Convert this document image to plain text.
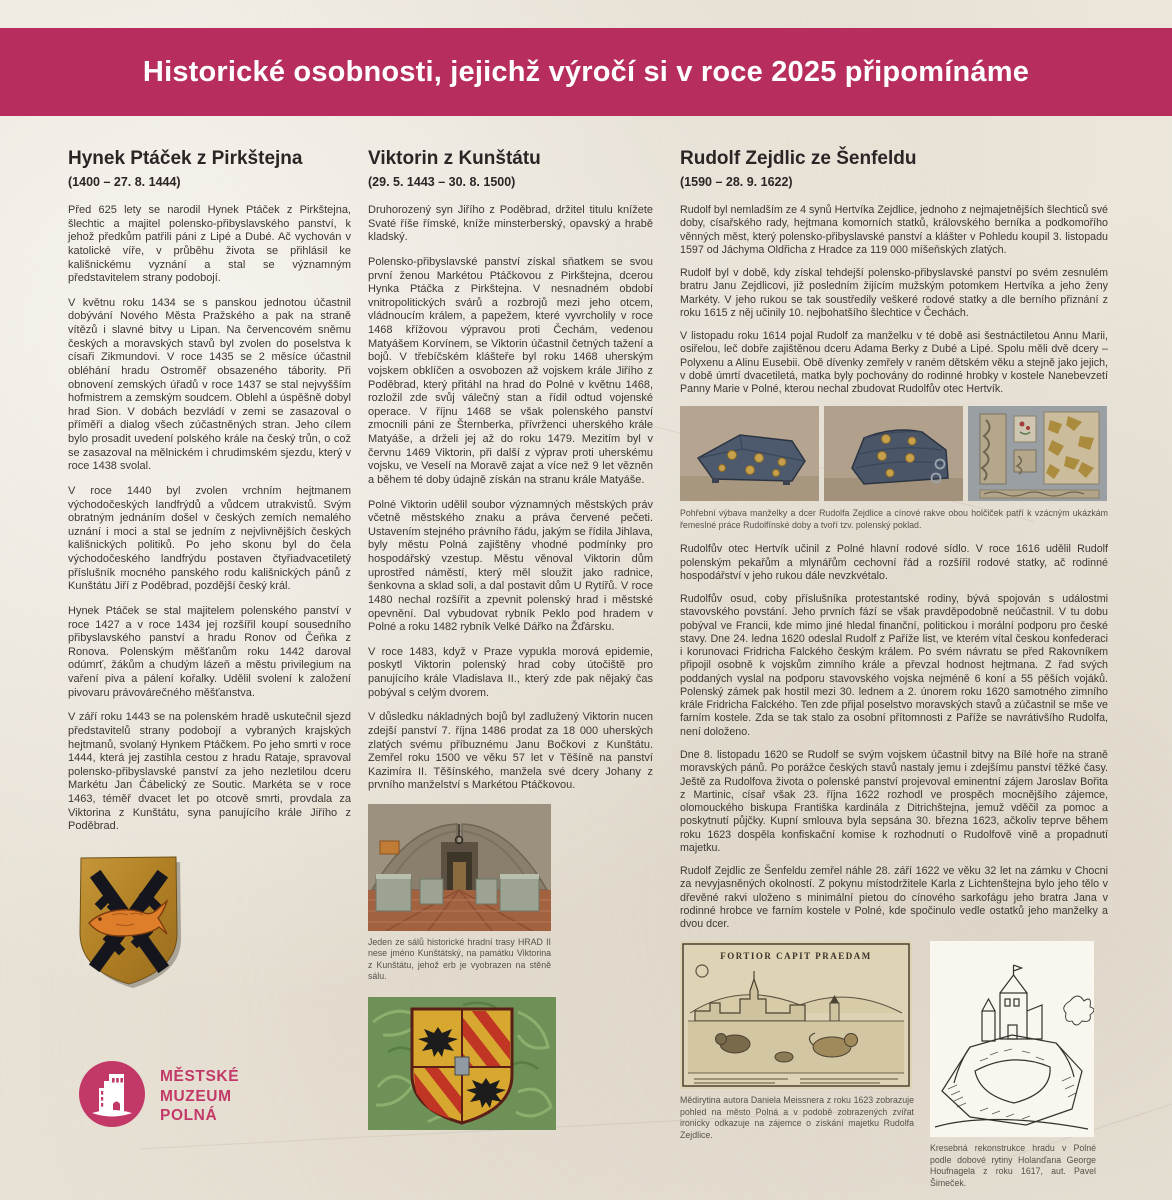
Historické osobnosti, jejichž výročí si v roce 2025 připomínáme
Hynek Ptáček z Pirkštejna
(1400 – 27. 8. 1444)

Před 625 lety se narodil Hynek Ptáček z Pirkštejna, šlechtic a majitel polensko-přibyslavského panství, k jehož předkům patřili páni z Lipé a Dubé. Ač vychován v katolické víře, v průběhu života se přihlásil ke kališnickému vyznání a stal se významným představitelem strany podobojí.

V květnu roku 1434 se s panskou jednotou účastnil dobývání Nového Města Pražského a pak na straně vítězů i slavné bitvy u Lipan. Na červencovém sněmu českých a moravských stavů byl zvolen do poselstva k císaři Zikmundovi. V roce 1435 se 2 měsíce účastnil obléhání hradu Ostroměř obsazeného tábority. Při obnovení zemských úřadů v roce 1437 se stal nejvyšším hofmistrem a zemským soudcem. Oblehl a úspěšně dobyl hrad Sion. V dobách bezvládí v zemi se zasazoval o příměří a dialog všech zúčastněných stran. Jeho cílem bylo prosadit uvedení polského krále na český trůn, o což se zasazoval na mělnickém i chrudimském sjezdu, který v roce 1438 svolal.

V roce 1440 byl zvolen vrchním hejtmanem východočeských landfrýdů a vůdcem utrakvistů. Svým obratným jednáním došel v českých zemích nemalého uznání i moci a stal se jedním z nejvlivnějších českých kališnických politiků. Po jeho skonu byl do čela východočeského landfrýdu postaven čtyřiadvacetiletý příslušník mocného panského rodu kališnických pánů z Kunštátu Jiří z Poděbrad, pozdější český král.

Hynek Ptáček se stal majitelem polenského panství v roce 1427 a v roce 1434 jej rozšířil koupí sousedního přibyslavského panství a hradu Ronov od Čeňka z Ronova. Polenským měšťanům roku 1442 daroval odúmrť, žákům a chudým lázeň a městu privilegium na vaření piva a pálení kořalky. Udělil svolení k založení pivovaru právovárečného měšťanstva.

V září roku 1443 se na polenském hradě uskutečnil sjezd představitelů strany podobojí a vybraných krajských hejtmanů, svolaný Hynkem Ptáčkem. Po jeho smrti v roce 1444, která jej zastihla cestou z hradu Rataje, spravoval polensko-přibyslavské panství za jeho nezletilou dceru Markétu Jan Čábelický ze Soutic. Markéta se v roce 1463, téměř dvacet let po otcově smrti, provdala za Viktorina z Kunštátu, syna panujícího krále Jiřího z Poděbrad.

Viktorin z Kunštátu
(29. 5. 1443 – 30. 8. 1500)

Druhorozený syn Jiřího z Poděbrad, držitel titulu knížete Svaté říše římské, kníže minsterberský, opavský a hrabě kladský.

Polensko-přibyslavské panství získal sňatkem se svou první ženou Markétou Ptáčkovou z Pirkštejna, dcerou Hynka Ptáčka z Pirkštejna. V nesnadném období vnitropolitických svárů a rozbrojů mezi jeho otcem, vládnoucím králem, a papežem, které vyvrcholily v roce 1468 křížovou výpravou proti Čechám, vedenou Matyášem Korvínem, se Viktorin účastnil četných tažení a bojů. V třebíčském klášteře byl roku 1468 uherským vojskem obklíčen a osvobozen až vojskem krále Jiřího z Poděbrad, který přitáhl na hrad do Polné v květnu 1468, rozložil zde svůj válečný stan a řídil odtud vojenské operace. V říjnu 1468 se však polenského panství zmocnili páni ze Šternberka, přívrženci uherského krále Matyáše, a drželi jej až do roku 1479. Mezitím byl v červnu 1469 Viktorin, při další z výprav proti uherskému vojsku, ve Veselí na Moravě zajat a více než 9 let vězněn a během té doby údajně získán na stranu krále Matyáše.

Polné Viktorin udělil soubor významných městských práv včetně městského znaku a práva červené pečeti. Ustavením stejného právního řádu, jakým se řídila Jihlava, byly městu Polná zajištěny vhodné podmínky pro hospodářský vzestup. Městu věnoval Viktorin dům uprostřed náměstí, který měl sloužit jako radnice, šenkovna a sklad soli, a dal postavit dům U Rytířů. V roce 1480 nechal rozšířit a zpevnit polenský hrad i městské opevnění. Dal vybudovat rybník Peklo pod hradem v Polné a roku 1482 rybník Velké Dářko na Žďársku.

V roce 1483, když v Praze vypukla morová epidemie, poskytl Viktorin polenský hrad coby útočiště pro panujícího krále Vladislava II., který zde pak nějaký čas pobýval s celým dvorem.

V důsledku nákladných bojů byl zadlužený Viktorin nucen zdejší panství 7. října 1486 prodat za 18 000 uherských zlatých svému příbuznému Janu Bočkovi z Kunštátu. Zemřel roku 1500 ve věku 57 let v Těšíně na panství Kazimíra II. Těšínského, manžela své dcery Johany z prvního manželství s Markétou Ptáčkovou.

Jeden ze sálů historické hradní trasy HRAD II nese jméno Kunštátský, na památku Viktorina z Kunštátu, jehož erb je vyobrazen na stěně sálu.
Rudolf Zejdlic ze Šenfeldu
(1590 – 28. 9. 1622)

Rudolf byl nemladším ze 4 synů Hertvíka Zejdlice, jednoho z nejmajetnějších šlechticů své doby, císařského rady, hejtmana komorních statků, královského berníka a podkomořího věnných měst, který polensko-přibyslavské panství a klášter v Pohledu koupil 3. listopadu 1597 od Jáchyma Oldřicha z Hradce za 119 000 míšeňských zlatých.

Rudolf byl v době, kdy získal tehdejší polensko-přibyslavské panství po svém zesnulém bratru Janu Zejdlicovi, již posledním žijícím mužským potomkem Hertvíka a jeho ženy Markéty. V jeho rukou se tak soustředily veškeré rodové statky a dle berního přiznání z roku 1615 z něj učinily 10. nejbohatšího šlechtice v Čechách.

V listopadu roku 1614 pojal Rudolf za manželku v té době asi šestnáctiletou Annu Marii, osiřelou, leč dobře zajištěnou dceru Adama Berky z Dubé a Lipé. Spolu měli dvě dcery – Polyxenu a Alinu Eusebii. Obě dívenky zemřely v raném dětském věku a stejně jako jejich, v době úmrtí dvacetiletá, matka byly pochovány do rodinné hrobky v kostele Nanebevzetí Panny Marie v Polné, kterou nechal zbudovat Rudolfův otec Hertvík.

Pohřební výbava manželky a dcer Rudolfa Zejdlice a cínové rakve obou holčiček patří k vzácným ukázkám řemeslné práce Rudolfínské doby a tvoří tzv. polenský poklad.

Rudolfův otec Hertvík učinil z Polné hlavní rodové sídlo. V roce 1616 udělil Rudolf polenským pekařům a mlynářům cechovní řád a rozšířil rodové statky, ač rodinné hospodářství v jeho rukou dále nevzkvétalo.

Rudolfův osud, coby příslušníka protestantské rodiny, bývá spojován s událostmi stavovského povstání. Jeho prvních fází se však pravděpodobně neúčastnil. V tu dobu pobýval ve Francii, kde mimo jiné hledal finanční, politickou i morální podporu pro české stavy. Dne 24. ledna 1620 odeslal Rudolf z Paříže list, ve kterém vítal českou konfederaci i korunovaci Fridricha Falckého českým králem. Po svém návratu se před Rakovníkem připojil osobně k vojskům zimního krále a převzal hodnost hejtmana. Z řad svých poddaných vyslal na podporu stavovského vojska nejméně 6 koní a 55 pěších vojáků. Polenský zámek pak hostil mezi 30. lednem a 2. únorem roku 1620 samotného zimního krále Fridricha Falckého. Ten zde přijal poselstvo moravských stavů a zúčastnil se mše ve farním kostele. Zda se tak stalo za osobní přítomnosti z Paříže se navrátivšího Rudolfa, není doloženo.

Dne 8. listopadu 1620 se Rudolf se svým vojskem účastnil bitvy na Bílé hoře na straně moravských pánů. Po porážce českých stavů nastaly jemu i zdejšímu panství těžké časy. Ještě za Rudolfova života o polenské panství projevoval eminentní zájem Jaroslav Bořita z Martinic, císař však 23. října 1622 rozhodl ve prospěch mocnějšího zájemce, olomouckého biskupa Františka kardinála z Ditrichštejna, jemuž vděčil za pomoc a poskytnutí půjčky. Kupní smlouva byla sepsána 30. března 1623, ačkoliv teprve během roku 1623 dospěla konfiskační komise k rozhodnutí o Rudolfově vině a propadnutí majetku.

Rudolf Zejdlic ze Šenfeldu zemřel náhle 28. září 1622 ve věku 32 let na zámku v Chocni za nevyjasněných okolností. Z pokynu místodržitele Karla z Lichtenštejna bylo jeho tělo v dřevěné rakvi uloženo s minimální pietou do cínového sarkofágu jeho bratra Jana v rodinné hrobce ve farním kostele v Polné, kde spočinulo vedle ostatků jeho manželky a dvou dcer.

FORTIOR CAPIT PRAEDAM
Mědirytina autora Daniela Meissnera z roku 1623 zobrazuje pohled na město Polná a v podobě zobrazených zvířat ironicky odkazuje na zájemce o získání majetku Rudolfa Zejdlice.
Kresebná rekonstrukce hradu v Polné podle dobové rytiny Holanďana George Houfnagela z roku 1617, aut. Pavel Šimeček.
MĚSTSKÉ
MUZEUM
POLNÁ
